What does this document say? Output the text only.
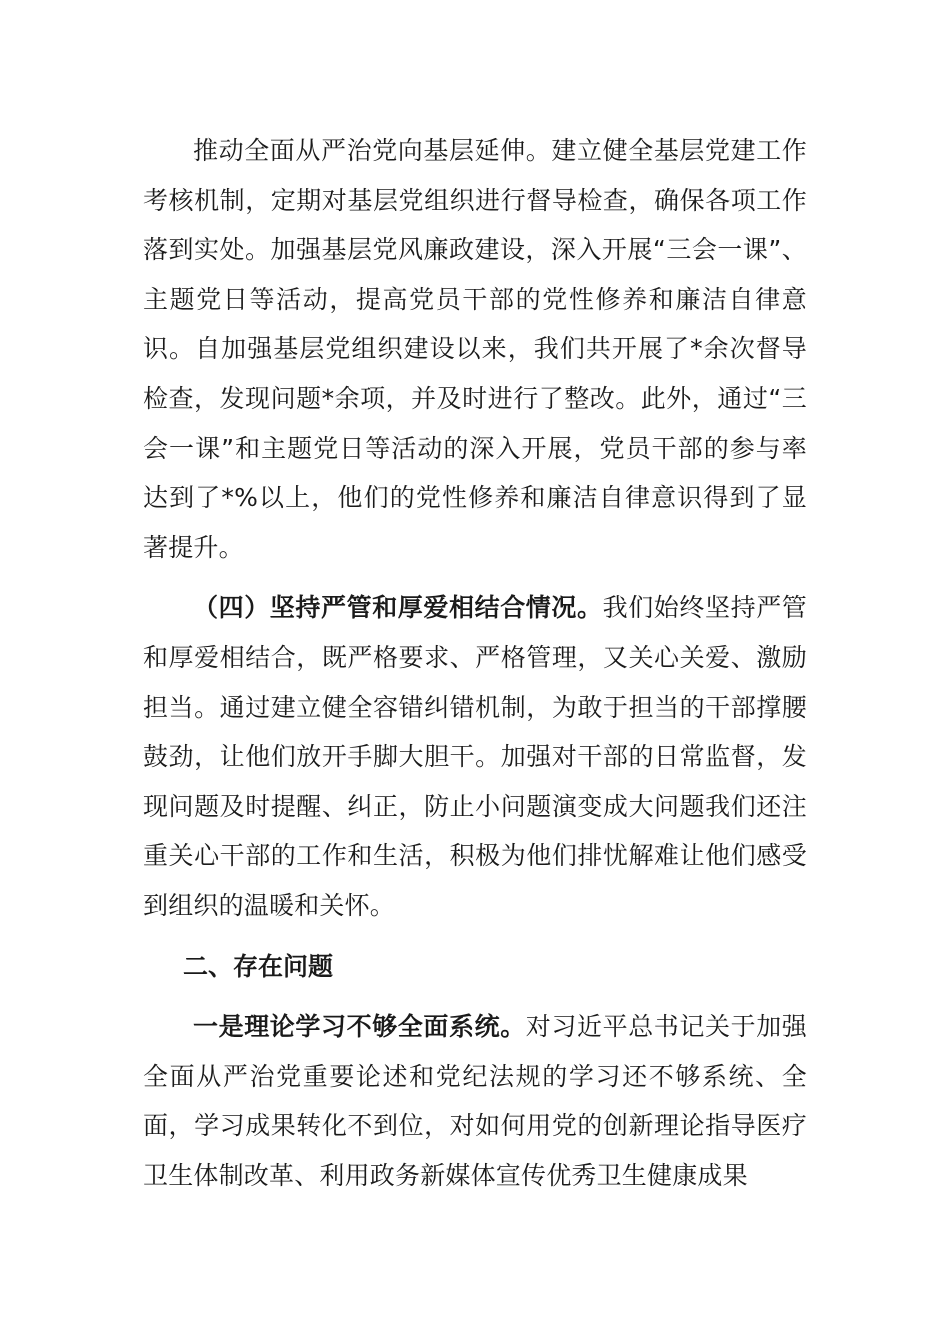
推动全面从严治党向基层延伸。建立健全基层党建工作考核机制，定期对基层党组织进行督导检查，确保各项工作落到实处。加强基层党风廉政建设，深入开展“三会一课”、主题党日等活动，提高党员干部的党性修养和廉洁自律意识。自加强基层党组织建设以来，我们共开展了*余次督导检查，发现问题*余项，并及时进行了整改。此外，通过“三会一课”和主题党日等活动的深入开展，党员干部的参与率达到了*%以上，他们的党性修养和廉洁自律意识得到了显著提升。

（四）坚持严管和厚爱相结合情况。我们始终坚持严管和厚爱相结合，既严格要求、严格管理，又关心关爱、激励担当。通过建立健全容错纠错机制，为敢于担当的干部撑腰鼓劲，让他们放开手脚大胆干。加强对干部的日常监督，发现问题及时提醒、纠正，防止小问题演变成大问题我们还注重关心干部的工作和生活，积极为他们排忧解难让他们感受到组织的温暖和关怀。

二、存在问题

一是理论学习不够全面系统。对习近平总书记关于加强全面从严治党重要论述和党纪法规的学习还不够系统、全面，学习成果转化不到位，对如何用党的创新理论指导医疗卫生体制改革、利用政务新媒体宣传优秀卫生健康成果
